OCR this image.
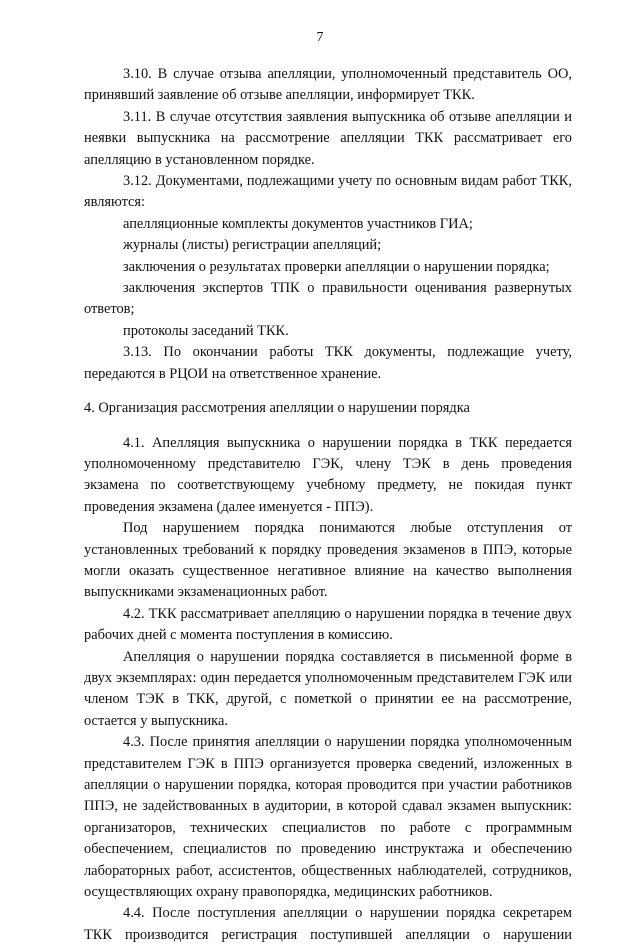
7

3.10. В случае отзыва апелляции, уполномоченный представитель ОО, принявший заявление об отзыве апелляции, информирует ТКК.

3.11. В случае отсутствия заявления выпускника об отзыве апелляции и неявки выпускника на рассмотрение апелляции ТКК рассматривает его апелляцию в установленном порядке.

3.12. Документами, подлежащими учету по основным видам работ ТКК, являются:

апелляционные комплекты документов участников ГИА;

журналы (листы) регистрации апелляций;

заключения о результатах проверки апелляции о нарушении порядка;

заключения экспертов ТПК о правильности оценивания развернутых ответов;

протоколы заседаний ТКК.

3.13. По окончании работы ТКК документы, подлежащие учету, передаются в РЦОИ на ответственное хранение.

4. Организация рассмотрения апелляции о нарушении порядка

4.1. Апелляция выпускника о нарушении порядка в ТКК передается уполномоченному представителю ГЭК, члену ТЭК в день проведения экзамена по соответствующему учебному предмету, не покидая пункт проведения экзамена (далее именуется - ППЭ).

Под нарушением порядка понимаются любые отступления от установленных требований к порядку проведения экзаменов в ППЭ, которые могли оказать существенное негативное влияние на качество выполнения выпускниками экзаменационных работ.

4.2. ТКК рассматривает апелляцию о нарушении порядка в течение двух рабочих дней с момента поступления в комиссию.

Апелляция о нарушении порядка составляется в письменной форме в двух экземплярах: один передается уполномоченным представителем ГЭК или членом ТЭК в ТКК, другой, с пометкой о принятии ее на рассмотрение, остается у выпускника.

4.3. После принятия апелляции о нарушении порядка уполномоченным представителем ГЭК в ППЭ организуется проверка сведений, изложенных в апелляции о нарушении порядка, которая проводится при участии работников ППЭ, не задействованных в аудитории, в которой сдавал экзамен выпускник: организаторов, технических специалистов по работе с программным обеспечением, специалистов по проведению инструктажа и обеспечению лабораторных работ, ассистентов, общественных наблюдателей, сотрудников, осуществляющих охрану правопорядка, медицинских работников.

4.4. После поступления апелляции о нарушении порядка секретарем ТКК производится регистрация поступившей апелляции о нарушении
